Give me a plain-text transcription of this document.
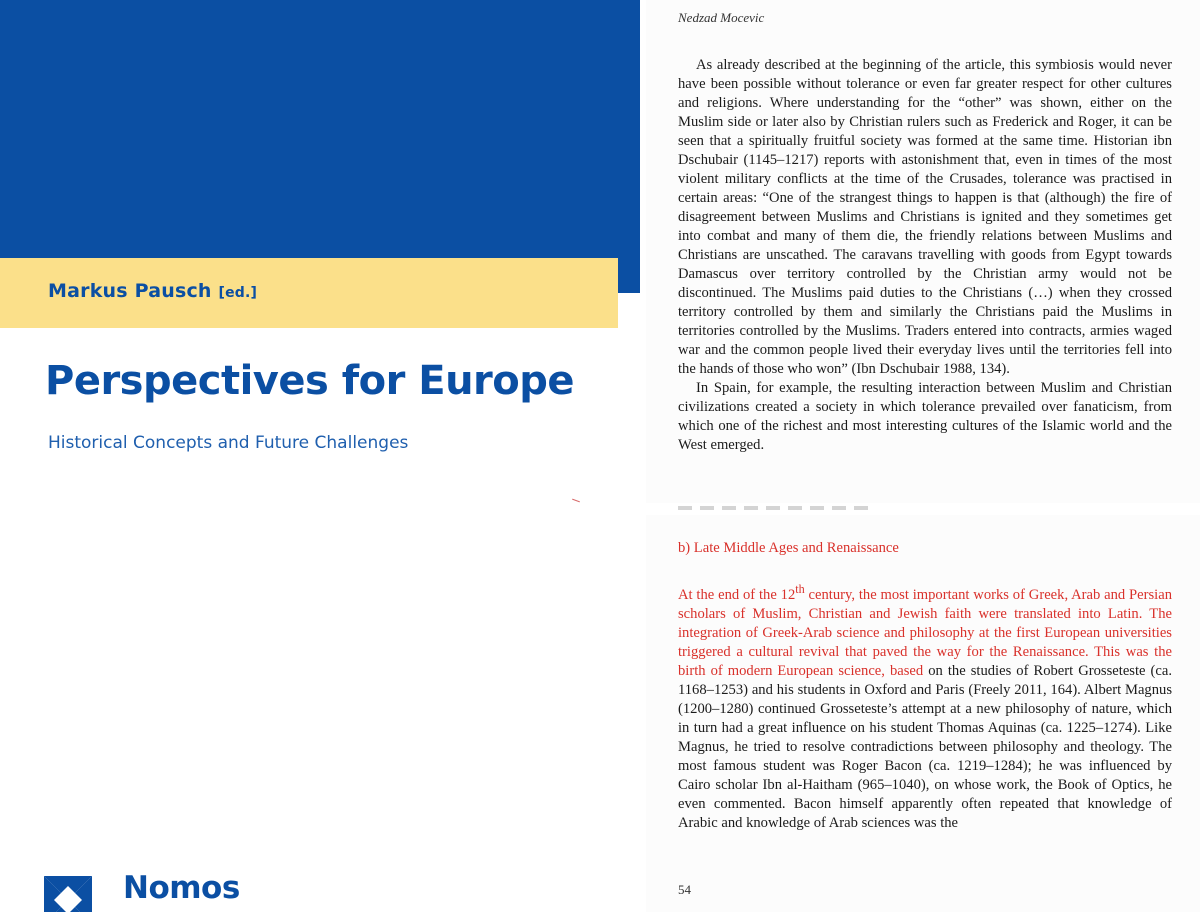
Markus Pausch [ed.]
Perspectives for Europe
Historical Concepts and Future Challenges
Nomos
Nedzad Mocevic

As already described at the beginning of the article, this symbiosis would never have been possible without tolerance or even far greater respect for other cultures and religions. Where understanding for the “other” was shown, either on the Muslim side or later also by Christian rulers such as Frederick and Roger, it can be seen that a spiritually fruitful society was formed at the same time. Historian ibn Dschubair (1145–1217) reports with astonishment that, even in times of the most violent military conflicts at the time of the Crusades, tolerance was practised in certain areas: “One of the strangest things to happen is that (although) the fire of disagreement between Muslims and Christians is ignited and they sometimes get into combat and many of them die, the friendly relations between Muslims and Christians are unscathed. The caravans travelling with goods from Egypt towards Damascus over territory controlled by the Christian army would not be discontinued. The Muslims paid duties to the Christians (…) when they crossed territory controlled by them and similarly the Christians paid the Muslims in territories controlled by the Muslims. Traders entered into contracts, armies waged war and the common people lived their everyday lives until the territories fell into the hands of those who won” (Ibn Dschubair 1988, 134).

In Spain, for example, the resulting interaction between Muslim and Christian civilizations created a society in which tolerance prevailed over fanaticism, from which one of the richest and most interesting cultures of the Islamic world and the West emerged.

b) Late Middle Ages and Renaissance

At the end of the 12th century, the most important works of Greek, Arab and Persian scholars of Muslim, Christian and Jewish faith were translated into Latin. The integration of Greek-Arab science and philosophy at the first European universities triggered a cultural revival that paved the way for the Renaissance. This was the birth of modern European science, based on the studies of Robert Grosseteste (ca. 1168–1253) and his students in Oxford and Paris (Freely 2011, 164). Albert Magnus (1200–1280) continued Grosseteste’s attempt at a new philosophy of nature, which in turn had a great influence on his student Thomas Aquinas (ca. 1225–1274). Like Magnus, he tried to resolve contradictions between philosophy and theology. The most famous student was Roger Bacon (ca. 1219–1284); he was influenced by Cairo scholar Ibn al-Haitham (965–1040), on whose work, the Book of Optics, he even commented. Bacon himself apparently often repeated that knowledge of Arabic and knowledge of Arab sciences was the

54
